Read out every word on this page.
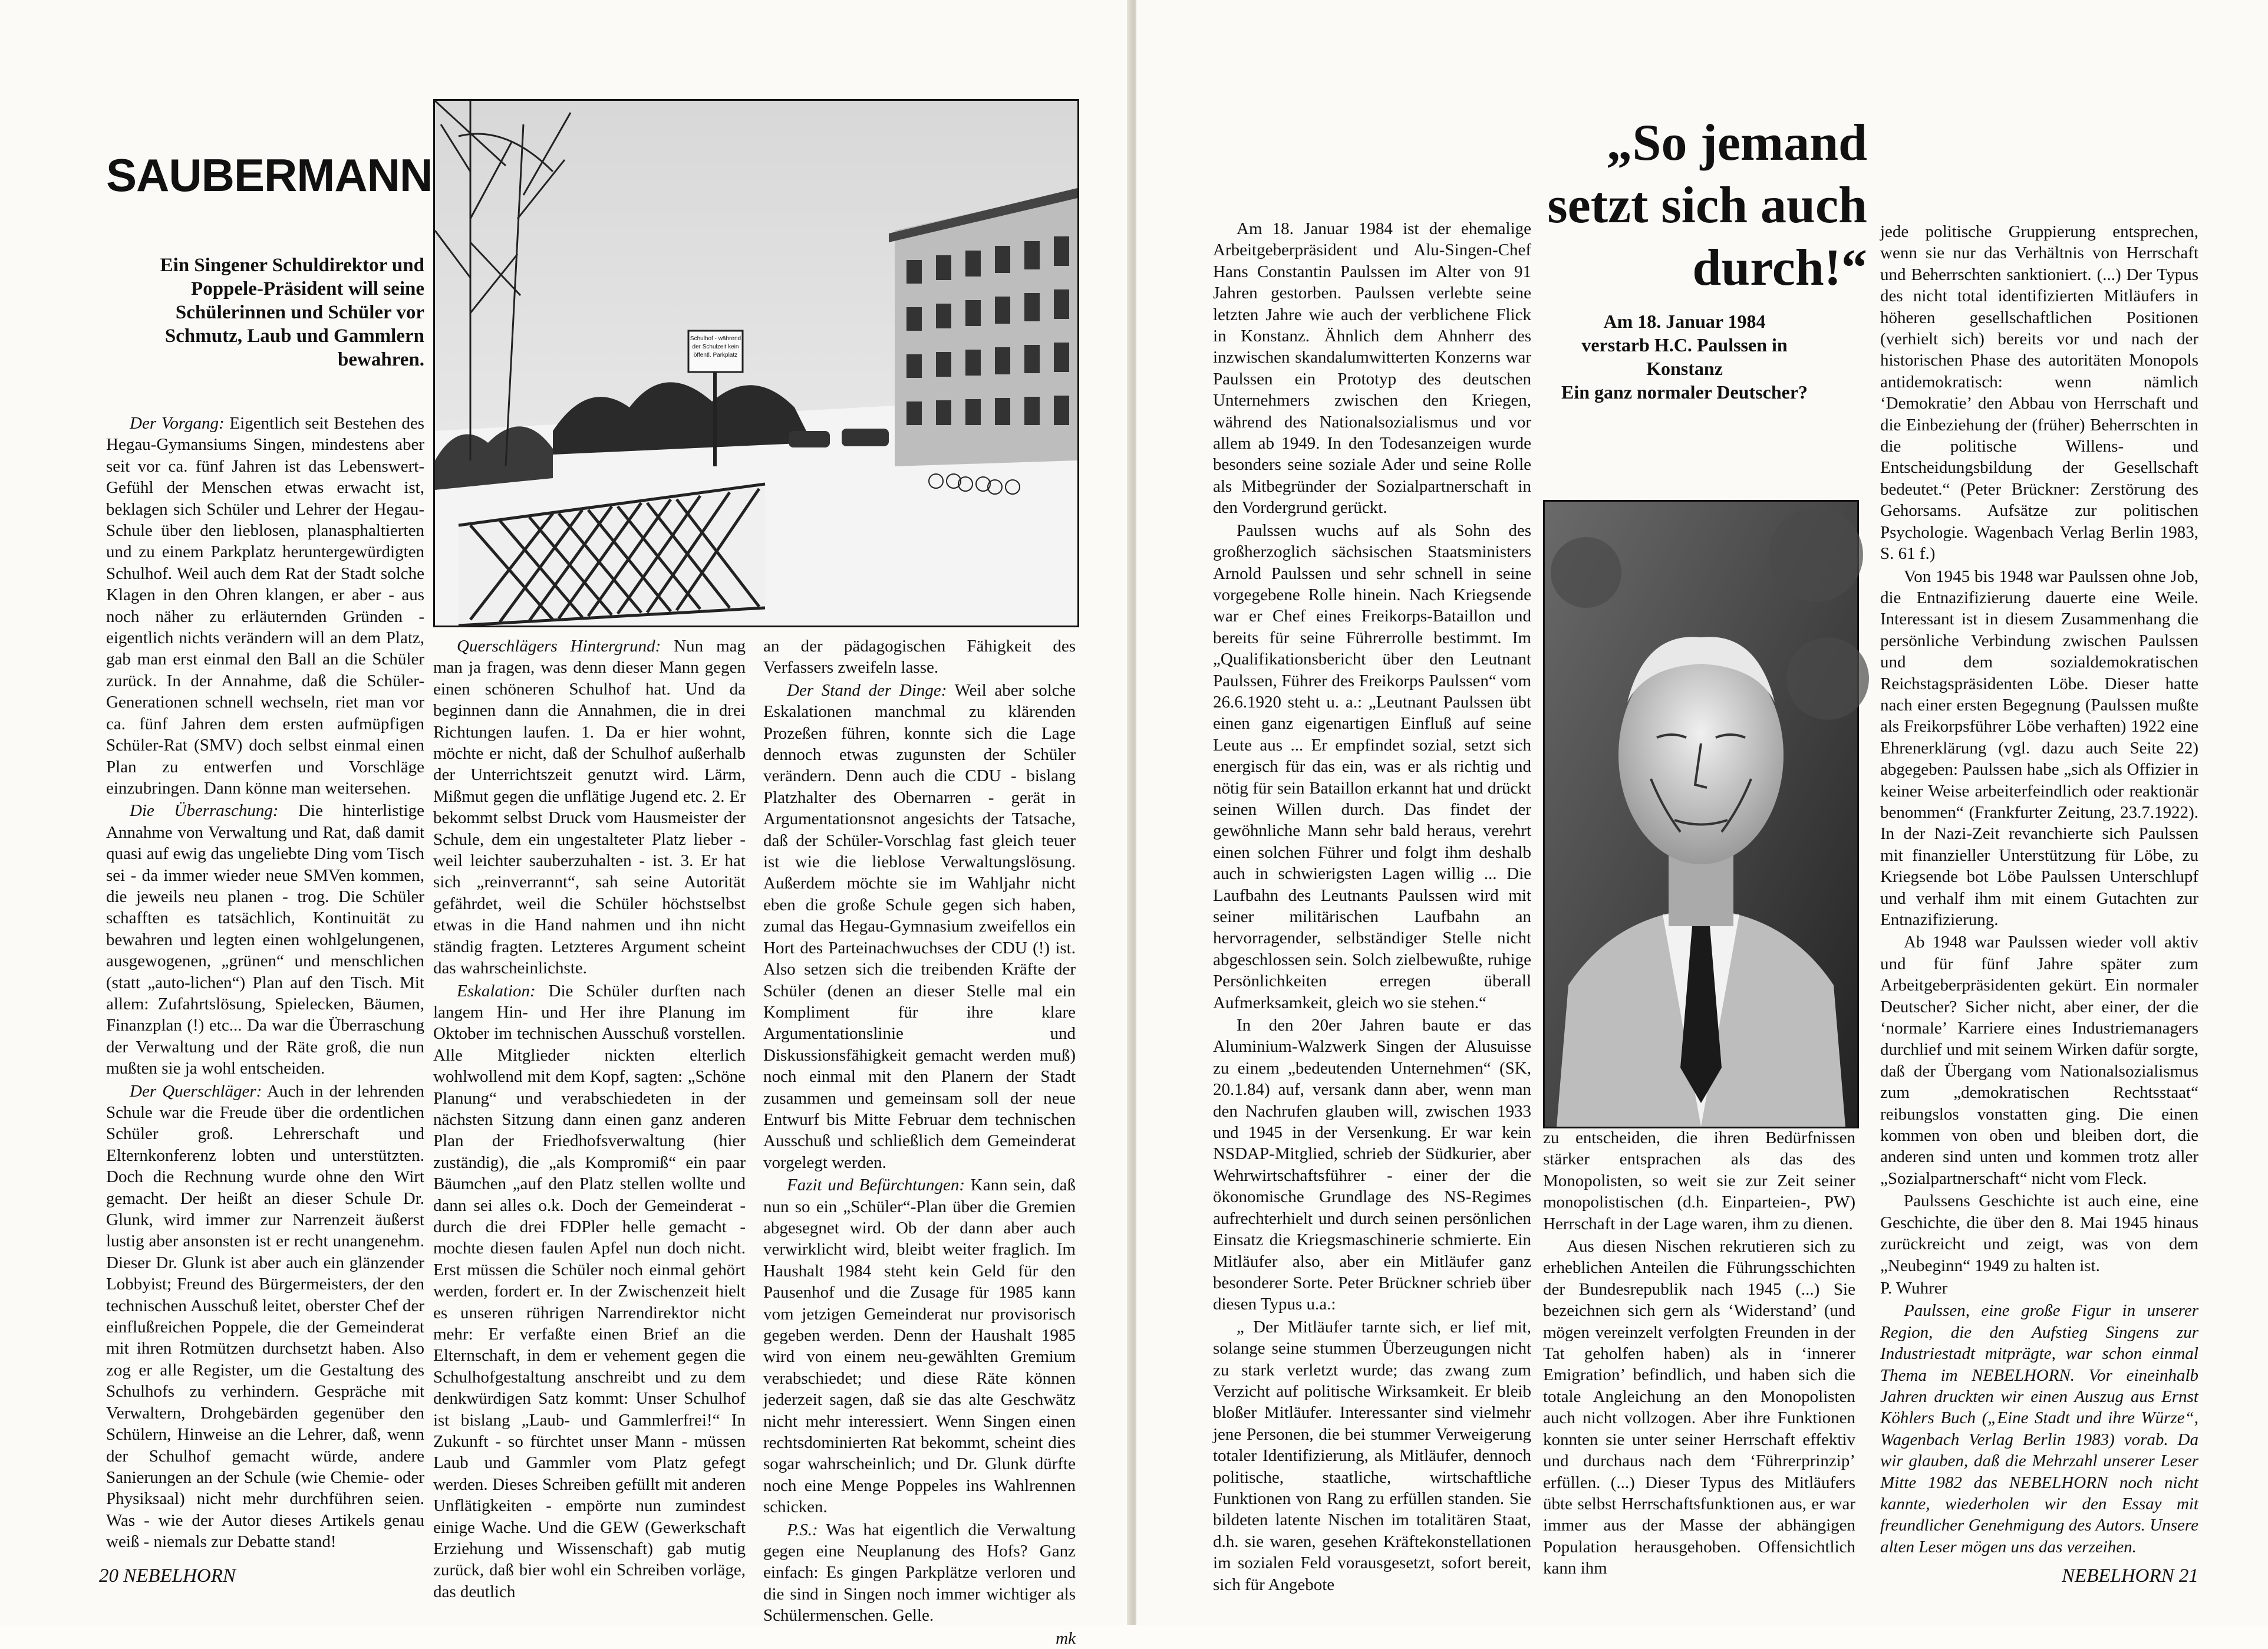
SAUBERMANN
Ein Singener Schuldirektor und Poppele-Präsident will seine Schülerinnen und Schüler vor Schmutz, Laub und Gammlern bewahren.
Schulhof - während
der Schulzeit kein
öffentl. Parkplatz

Der Vorgang: Eigentlich seit Bestehen des Hegau-Gymansiums Singen, mindestens aber seit vor ca. fünf Jahren ist das Lebenswert-Gefühl der Menschen etwas erwacht ist, beklagen sich Schüler und Lehrer der Hegau-Schule über den lieblosen, planasphaltierten und zu einem Parkplatz heruntergewürdigten Schulhof. Weil auch dem Rat der Stadt solche Klagen in den Ohren klangen, er aber - aus noch näher zu erläuternden Gründen - eigentlich nichts verändern will an dem Platz, gab man erst einmal den Ball an die Schüler zurück. In der Annahme, daß die Schüler-Generationen schnell wechseln, riet man vor ca. fünf Jahren dem ersten aufmüpfigen Schüler-Rat (SMV) doch selbst einmal einen Plan zu entwerfen und Vorschläge einzubringen. Dann könne man weitersehen.

Die Überraschung: Die hinterlistige Annahme von Verwaltung und Rat, daß damit quasi auf ewig das ungeliebte Ding vom Tisch sei - da immer wieder neue SMVen kommen, die jeweils neu planen - trog. Die Schüler schafften es tatsächlich, Kontinuität zu bewahren und legten einen wohlgelungenen, ausgewogenen, „grünen“ und menschlichen (statt „auto-lichen“) Plan auf den Tisch. Mit allem: Zufahrtslösung, Spielecken, Bäumen, Finanzplan (!) etc... Da war die Überraschung der Verwaltung und der Räte groß, die nun mußten sie ja wohl entscheiden.

Der Querschläger: Auch in der lehrenden Schule war die Freude über die ordentlichen Schüler groß. Lehrerschaft und Elternkonferenz lobten und unterstützten. Doch die Rechnung wurde ohne den Wirt gemacht. Der heißt an dieser Schule Dr. Glunk, wird immer zur Narrenzeit äußerst lustig aber ansonsten ist er recht unangenehm. Dieser Dr. Glunk ist aber auch ein glänzender Lobbyist; Freund des Bürgermeisters, der den technischen Ausschuß leitet, oberster Chef der einflußreichen Poppele, die der Gemeinderat mit ihren Rotmützen durchsetzt haben. Also zog er alle Register, um die Gestaltung des Schulhofs zu verhindern. Gespräche mit Verwaltern, Drohgebärden gegenüber den Schülern, Hinweise an die Lehrer, daß, wenn der Schulhof gemacht würde, andere Sanierungen an der Schule (wie Chemie- oder Physiksaal) nicht mehr durchführen seien. Was - wie der Autor dieses Artikels genau weiß - niemals zur Debatte stand!

Querschlägers Hintergrund: Nun mag man ja fragen, was denn dieser Mann gegen einen schöneren Schulhof hat. Und da beginnen dann die Annahmen, die in drei Richtungen laufen. 1. Da er hier wohnt, möchte er nicht, daß der Schulhof außerhalb der Unterrichtszeit genutzt wird. Lärm, Mißmut gegen die unflätige Jugend etc. 2. Er bekommt selbst Druck vom Hausmeister der Schule, dem ein ungestalteter Platz lieber - weil leichter sauberzuhalten - ist. 3. Er hat sich „reinverrannt“, sah seine Autorität gefährdet, weil die Schüler höchstselbst etwas in die Hand nahmen und ihn nicht ständig fragten. Letzteres Argument scheint das wahrscheinlichste.

Eskalation: Die Schüler durften nach langem Hin- und Her ihre Planung im Oktober im technischen Ausschuß vorstellen. Alle Mitglieder nickten elterlich wohlwollend mit dem Kopf, sagten: „Schöne Planung“ und verabschiedeten in der nächsten Sitzung dann einen ganz anderen Plan der Friedhofsverwaltung (hier zuständig), die „als Kompromiß“ ein paar Bäumchen „auf den Platz stellen wollte und dann sei alles o.k. Doch der Gemeinderat - durch die drei FDPler helle gemacht - mochte diesen faulen Apfel nun doch nicht. Erst müssen die Schüler noch einmal gehört werden, fordert er. In der Zwischenzeit hielt es unseren rührigen Narrendirektor nicht mehr: Er verfaßte einen Brief an die Elternschaft, in dem er vehement gegen die Schulhofgestaltung anschreibt und zu dem denkwürdigen Satz kommt: Unser Schulhof ist bislang „Laub- und Gammlerfrei!“ In Zukunft - so fürchtet unser Mann - müssen Laub und Gammler vom Platz gefegt werden. Dieses Schreiben gefüllt mit anderen Unflätigkeiten - empörte nun zumindest einige Wache. Und die GEW (Gewerkschaft Erziehung und Wissenschaft) gab mutig zurück, daß bier wohl ein Schreiben vorläge, das deutlich

an der pädagogischen Fähigkeit des Verfassers zweifeln lasse.

Der Stand der Dinge: Weil aber solche Eskalationen manchmal zu klärenden Prozeßen führen, konnte sich die Lage dennoch etwas zugunsten der Schüler verändern. Denn auch die CDU - bislang Platzhalter des Obernarren - gerät in Argumentationsnot angesichts der Tatsache, daß der Schüler-Vorschlag fast gleich teuer ist wie die lieblose Verwaltungslösung. Außerdem möchte sie im Wahljahr nicht eben die große Schule gegen sich haben, zumal das Hegau-Gymnasium zweifellos ein Hort des Parteinachwuchses der CDU (!) ist. Also setzen sich die treibenden Kräfte der Schüler (denen an dieser Stelle mal ein Kompliment für ihre klare Argumentationslinie und Diskussionsfähigkeit gemacht werden muß) noch einmal mit den Planern der Stadt zusammen und gemeinsam soll der neue Entwurf bis Mitte Februar dem technischen Ausschuß und schließlich dem Gemeinderat vorgelegt werden.

Fazit und Befürchtungen: Kann sein, daß nun so ein „Schüler“-Plan über die Gremien abgesegnet wird. Ob der dann aber auch verwirklicht wird, bleibt weiter fraglich. Im Haushalt 1984 steht kein Geld für den Pausenhof und die Zusage für 1985 kann vom jetzigen Gemeinderat nur provisorisch gegeben werden. Denn der Haushalt 1985 wird von einem neu-gewählten Gremium verabschiedet; und diese Räte können jederzeit sagen, daß sie das alte Geschwätz nicht mehr interessiert. Wenn Singen einen rechtsdominierten Rat bekommt, scheint dies sogar wahrscheinlich; und Dr. Glunk dürfte noch eine Menge Poppeles ins Wahlrennen schicken.

P.S.: Was hat eigentlich die Verwaltung gegen eine Neuplanung des Hofs? Ganz einfach: Es gingen Parkplätze verloren und die sind in Singen noch immer wichtiger als Schülermenschen. Gelle.

mk

20 NEBELHORN
„So jemand setzt sich auch durch!“
Am 18. Januar 1984
verstarb H.C. Paulssen in
Konstanz
Ein ganz normaler Deutscher?

Am 18. Januar 1984 ist der ehemalige Arbeitgeberpräsident und Alu-Singen-Chef Hans Constantin Paulssen im Alter von 91 Jahren gestorben. Paulssen verlebte seine letzten Jahre wie auch der verblichene Flick in Konstanz. Ähnlich dem Ahnherr des inzwischen skandalumwitterten Konzerns war Paulssen ein Prototyp des deutschen Unternehmers zwischen den Kriegen, während des Nationalsozialismus und vor allem ab 1949. In den Todesanzeigen wurde besonders seine soziale Ader und seine Rolle als Mitbegründer der Sozialpartnerschaft in den Vordergrund gerückt.

Paulssen wuchs auf als Sohn des großherzoglich sächsischen Staatsministers Arnold Paulssen und sehr schnell in seine vorgegebene Rolle hinein. Nach Kriegsende war er Chef eines Freikorps-Bataillon und bereits für seine Führerrolle bestimmt. Im „Qualifikationsbericht über den Leutnant Paulssen, Führer des Freikorps Paulssen“ vom 26.6.1920 steht u. a.: „Leutnant Paulssen übt einen ganz eigenartigen Einfluß auf seine Leute aus ... Er empfindet sozial, setzt sich energisch für das ein, was er als richtig und nötig für sein Bataillon erkannt hat und drückt seinen Willen durch. Das findet der gewöhnliche Mann sehr bald heraus, verehrt einen solchen Führer und folgt ihm deshalb auch in schwierigsten Lagen willig ... Die Laufbahn des Leutnants Paulssen wird mit seiner militärischen Laufbahn an hervorragender, selbständiger Stelle nicht abgeschlossen sein. Solch zielbewußte, ruhige Persönlichkeiten erregen überall Aufmerksamkeit, gleich wo sie stehen.“

In den 20er Jahren baute er das Aluminium-Walzwerk Singen der Alusuisse zu einem „bedeutenden Unternehmen“ (SK, 20.1.84) auf, versank dann aber, wenn man den Nachrufen glauben will, zwischen 1933 und 1945 in der Versenkung. Er war kein NSDAP-Mitglied, schrieb der Südkurier, aber Wehrwirtschaftsführer - einer der die ökonomische Grundlage des NS-Regimes aufrechterhielt und durch seinen persönlichen Einsatz die Kriegsmaschinerie schmierte. Ein Mitläufer also, aber ein Mitläufer ganz besonderer Sorte. Peter Brückner schrieb über diesen Typus u.a.:

„ Der Mitläufer tarnte sich, er lief mit, solange seine stummen Überzeugungen nicht zu stark verletzt wurde; das zwang zum Verzicht auf politische Wirksamkeit. Er bleib bloßer Mitläufer. Interessanter sind vielmehr jene Personen, die bei stummer Verweigerung totaler Identifizierung, als Mitläufer, dennoch politische, staatliche, wirtschaftliche Funktionen von Rang zu erfüllen standen. Sie bildeten latente Nischen im totalitären Staat, d.h. sie waren, gesehen Kräftekonstellationen im sozialen Feld vorausgesetzt, sofort bereit, sich für Angebote

zu entscheiden, die ihren Bedürfnissen stärker entsprachen als das des Monopolisten, so weit sie zur Zeit seiner monopolistischen (d.h. Einparteien-, PW) Herrschaft in der Lage waren, ihm zu dienen.

Aus diesen Nischen rekrutieren sich zu erheblichen Anteilen die Führungsschichten der Bundesrepublik nach 1945 (...) Sie bezeichnen sich gern als ‘Widerstand’ (und mögen vereinzelt verfolgten Freunden in der Tat geholfen haben) als in ‘innerer Emigration’ befindlich, und haben sich die totale Angleichung an den Monopolisten auch nicht vollzogen. Aber ihre Funktionen konnten sie unter seiner Herrschaft effektiv und durchaus nach dem ‘Führerprinzip’ erfüllen. (...) Dieser Typus des Mitläufers übte selbst Herrschaftsfunktionen aus, er war immer aus der Masse der abhängigen Population herausgehoben. Offensichtlich kann ihm

jede politische Gruppierung entsprechen, wenn sie nur das Verhältnis von Herrschaft und Beherrschten sanktioniert. (...) Der Typus des nicht total identifizierten Mitläufers in höheren gesellschaftlichen Positionen (verhielt sich) bereits vor und nach der historischen Phase des autoritäten Monopols antidemokratisch: wenn nämlich ‘Demokratie’ den Abbau von Herrschaft und die Einbeziehung der (früher) Beherrschten in die politische Willens- und Entscheidungsbildung der Gesellschaft bedeutet.“ (Peter Brückner: Zerstörung des Gehorsams. Aufsätze zur politischen Psychologie. Wagenbach Verlag Berlin 1983, S. 61 f.)

Von 1945 bis 1948 war Paulssen ohne Job, die Entnazifizierung dauerte eine Weile. Interessant ist in diesem Zusammenhang die persönliche Verbindung zwischen Paulssen und dem sozialdemokratischen Reichstagspräsidenten Löbe. Dieser hatte nach einer ersten Begegnung (Paulssen mußte als Freikorpsführer Löbe verhaften) 1922 eine Ehrenerklärung (vgl. dazu auch Seite 22) abgegeben: Paulssen habe „sich als Offizier in keiner Weise arbeiterfeindlich oder reaktionär benommen“ (Frankfurter Zeitung, 23.7.1922). In der Nazi-Zeit revanchierte sich Paulssen mit finanzieller Unterstützung für Löbe, zu Kriegsende bot Löbe Paulssen Unterschlupf und verhalf ihm mit einem Gutachten zur Entnazifizierung.

Ab 1948 war Paulssen wieder voll aktiv und für fünf Jahre später zum Arbeitgeberpräsidenten gekürt. Ein normaler Deutscher? Sicher nicht, aber einer, der die ‘normale’ Karriere eines Industriemanagers durchlief und mit seinem Wirken dafür sorgte, daß der Übergang vom Nationalsozialismus zum „demokratischen Rechtsstaat“ reibungslos vonstatten ging. Die einen kommen von oben und bleiben dort, die anderen sind unten und kommen trotz aller „Sozialpartnerschaft“ nicht vom Fleck.

Paulssens Geschichte ist auch eine, eine Geschichte, die über den 8. Mai 1945 hinaus zurückreicht und zeigt, was von dem „Neubeginn“ 1949 zu halten ist.

P. Wuhrer

Paulssen, eine große Figur in unserer Region, die den Aufstieg Singens zur Industriestadt mitprägte, war schon einmal Thema im NEBELHORN. Vor eineinhalb Jahren druckten wir einen Auszug aus Ernst Köhlers Buch („Eine Stadt und ihre Würze“, Wagenbach Verlag Berlin 1983) vorab. Da wir glauben, daß die Mehrzahl unserer Leser Mitte 1982 das NEBELHORN noch nicht kannte, wiederholen wir den Essay mit freundlicher Genehmigung des Autors. Unsere alten Leser mögen uns das verzeihen.

NEBELHORN 21
